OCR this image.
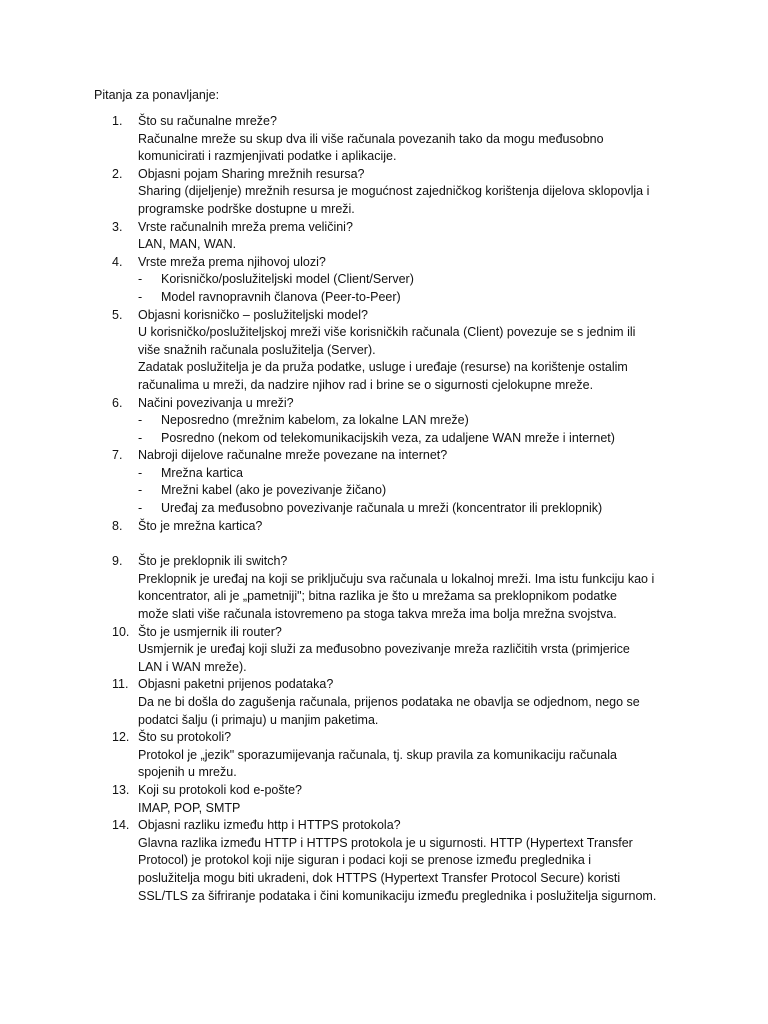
Pitanja za ponavljanje:
1.	Što su računalne mreže?
Računalne mreže su skup dva ili više računala povezanih tako da mogu međusobno
komunicirati i razmjenjivati podatke i aplikacije.
2.	Objasni pojam Sharing mrežnih resursa?
Sharing (dijeljenje) mrežnih resursa je mogućnost zajedničkog korištenja dijelova sklopovlja i
programske podrške dostupne u mreži.
3.	Vrste računalnih mreža prema veličini?
LAN, MAN, WAN.
4.	Vrste mreža prema njihovoj ulozi?
- Korisničko/poslužiteljski model (Client/Server)
- Model ravnopravnih članova (Peer-to-Peer)
5.	Objasni korisničko – poslužiteljski model?
U korisničko/poslužiteljskoj mreži više korisničkih računala (Client) povezuje se s jednim ili
više snažnih računala poslužitelja (Server).
Zadatak poslužitelja je da pruža podatke, usluge i uređaje (resurse) na korištenje ostalim
računalima u mreži, da nadzire njihov rad i brine se o sigurnosti cjelokupne mreže.
6.	Načini povezivanja u mreži?
- Neposredno (mrežnim kabelom, za lokalne LAN mreže)
- Posredno (nekom od telekomunikacijskih veza, za udaljene WAN mreže i internet)
7.	Nabroji dijelove računalne mreže povezane na internet?
- Mrežna kartica
- Mrežni kabel (ako je povezivanje žičano)
- Uređaj za međusobno povezivanje računala u mreži (koncentrator ili preklopnik)
8.	Što je mrežna kartica?
9.	Što je preklopnik ili switch?
Preklopnik je uređaj na koji se priključuju sva računala u lokalnoj mreži. Ima istu funkciju kao i
koncentrator, ali je „pametniji"; bitna razlika je što u mrežama sa preklopnikom podatke
može slati više računala istovremeno pa stoga takva mreža ima bolja mrežna svojstva.
10. Što je usmjernik ili router?
Usmjernik je uređaj koji služi za međusobno povezivanje mreža različitih vrsta (primjerice
LAN i WAN mreže).
11. Objasni paketni prijenos podataka?
Da ne bi došla do zagušenja računala, prijenos podataka ne obavlja se odjednom, nego se
podatci šalju (i primaju) u manjim paketima.
12. Što su protokoli?
Protokol je „jezik" sporazumijevanja računala, tj. skup pravila za komunikaciju računala
spojenih u mrežu.
13. Koji su protokoli kod e-pošte?
IMAP, POP, SMTP
14. Objasni razliku između http i HTTPS protokola?
Glavna razlika između HTTP i HTTPS protokola je u sigurnosti. HTTP (Hypertext Transfer
Protocol) je protokol koji nije siguran i podaci koji se prenose između preglednika i
poslužitelja mogu biti ukradeni, dok HTTPS (Hypertext Transfer Protocol Secure) koristi
SSL/TLS za šifriranje podataka i čini komunikaciju između preglednika i poslužitelja sigurnom.
